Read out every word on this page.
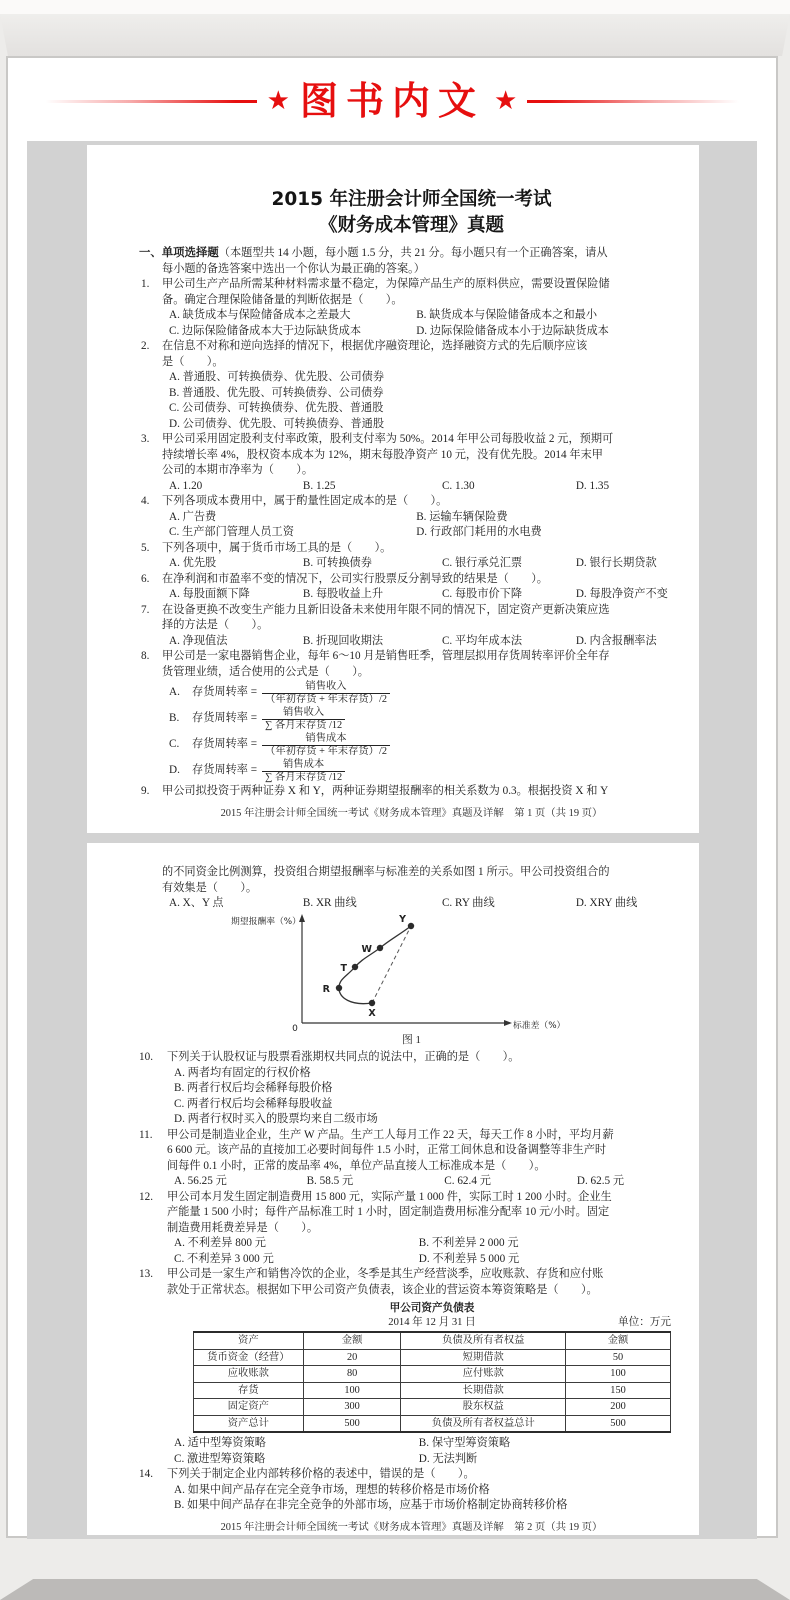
★ 图书内文 ★
2015 年注册会计师全国统一考试
《财务成本管理》真题
一、单项选择题（本题型共 14 小题，每小题 1.5 分，共 21 分。每小题只有一个正确答案，请从
每小题的备选答案中选出一个你认为最正确的答案。）
1. 甲公司生产产品所需某种材料需求量不稳定，为保障产品生产的原料供应，需要设置保险储
备。确定合理保险储备量的判断依据是（　　）。
A. 缺货成本与保险储备成本之差最大	B. 缺货成本与保险储备成本之和最小
C. 边际保险储备成本大于边际缺货成本	D. 边际保险储备成本小于边际缺货成本
2. 在信息不对称和逆向选择的情况下，根据优序融资理论，选择融资方式的先后顺序应该
是（　　）。
A. 普通股、可转换债券、优先股、公司债券
B. 普通股、优先股、可转换债券、公司债券
C. 公司债券、可转换债券、优先股、普通股
D. 公司债券、优先股、可转换债券、普通股
3. 甲公司采用固定股利支付率政策，股利支付率为 50%。2014 年甲公司每股收益 2 元，预期可
持续增长率 4%，股权资本成本为 12%，期末每股净资产 10 元，没有优先股。2014 年末甲
公司的本期市净率为（　　）。
A. 1.20	B. 1.25	C. 1.30	D. 1.35
4. 下列各项成本费用中，属于酌量性固定成本的是（　　）。
A. 广告费	B. 运输车辆保险费
C. 生产部门管理人员工资	D. 行政部门耗用的水电费
5. 下列各项中，属于货币市场工具的是（　　）。
A. 优先股	B. 可转换债券	C. 银行承兑汇票	D. 银行长期贷款
6. 在净利润和市盈率不变的情况下，公司实行股票反分割导致的结果是（　　）。
A. 每股面额下降	B. 每股收益上升	C. 每股市价下降	D. 每股净资产不变
7. 在设备更换不改变生产能力且新旧设备未来使用年限不同的情况下，固定资产更新决策应选
择的方法是（　　）。
A. 净现值法	B. 折现回收期法	C. 平均年成本法	D. 内含报酬率法
8. 甲公司是一家电器销售企业，每年 6～10 月是销售旺季，管理层拟用存货周转率评价全年存
货管理业绩，适合使用的公式是（　　）。
A.	存货周转率 = $\frac{\text{销售收入}}{\text{（年初存货 + 年末存货）/2}}$
B.	存货周转率 = $\frac{\text{销售收入}}{\text{∑ 各月末存货 /12}}$
C.	存货周转率 = $\frac{\text{销售成本}}{\text{（年初存货 + 年末存货）/2}}$
D.	存货周转率 = $\frac{\text{销售成本}}{\text{∑ 各月末存货 /12}}$
9. 甲公司拟投资于两种证券 X 和 Y，两种证券期望报酬率的相关系数为 0.3。根据投资 X 和 Y
2015 年注册会计师全国统一考试《财务成本管理》真题及详解　第 1 页（共 19 页）
的不同资金比例测算，投资组合期望报酬率与标准差的关系如图 1 所示。甲公司投资组合的
有效集是（　　）。
A. X、Y 点	B. XR 曲线	C. RY 曲线	D. XRY 曲线
X
R
T
W
Y
期望报酬率（%）
标准差（%）
0
图 1
10. 下列关于认股权证与股票看涨期权共同点的说法中，正确的是（　　）。
A. 两者均有固定的行权价格
B. 两者行权后均会稀释每股价格
C. 两者行权后均会稀释每股收益
D. 两者行权时买入的股票均来自二级市场
11. 甲公司是制造业企业，生产 W 产品。生产工人每月工作 22 天，每天工作 8 小时，平均月薪
6 600 元。该产品的直接加工必要时间每件 1.5 小时，正常工间休息和设备调整等非生产时
间每件 0.1 小时，正常的废品率 4%，单位产品直接人工标准成本是（　　）。
A. 56.25 元	B. 58.5 元	C. 62.4 元	D. 62.5 元
12. 甲公司本月发生固定制造费用 15 800 元，实际产量 1 000 件，实际工时 1 200 小时。企业生
产能量 1 500 小时；每件产品标准工时 1 小时，固定制造费用标准分配率 10 元/小时。固定
制造费用耗费差异是（　　）。
A. 不利差异 800 元	B. 不利差异 2 000 元
C. 不利差异 3 000 元	D. 不利差异 5 000 元
13. 甲公司是一家生产和销售冷饮的企业，冬季是其生产经营淡季，应收账款、存货和应付账
款处于正常状态。根据如下甲公司资产负债表，该企业的营运资本筹资策略是（　　）。
甲公司资产负债表
2014 年 12 月 31 日	单位：万元
资产	金额	负债及所有者权益	金额
货币资金（经营）	20	短期借款	50
应收账款	80	应付账款	100
存货	100	长期借款	150
固定资产	300	股东权益	200
资产总计	500	负债及所有者权益总计	500
A. 适中型筹资策略	B. 保守型筹资策略
C. 激进型筹资策略	D. 无法判断
14. 下列关于制定企业内部转移价格的表述中，错误的是（　　）。
A. 如果中间产品存在完全竞争市场，理想的转移价格是市场价格
B. 如果中间产品存在非完全竞争的外部市场，应基于市场价格制定协商转移价格
2015 年注册会计师全国统一考试《财务成本管理》真题及详解　第 2 页（共 19 页）
